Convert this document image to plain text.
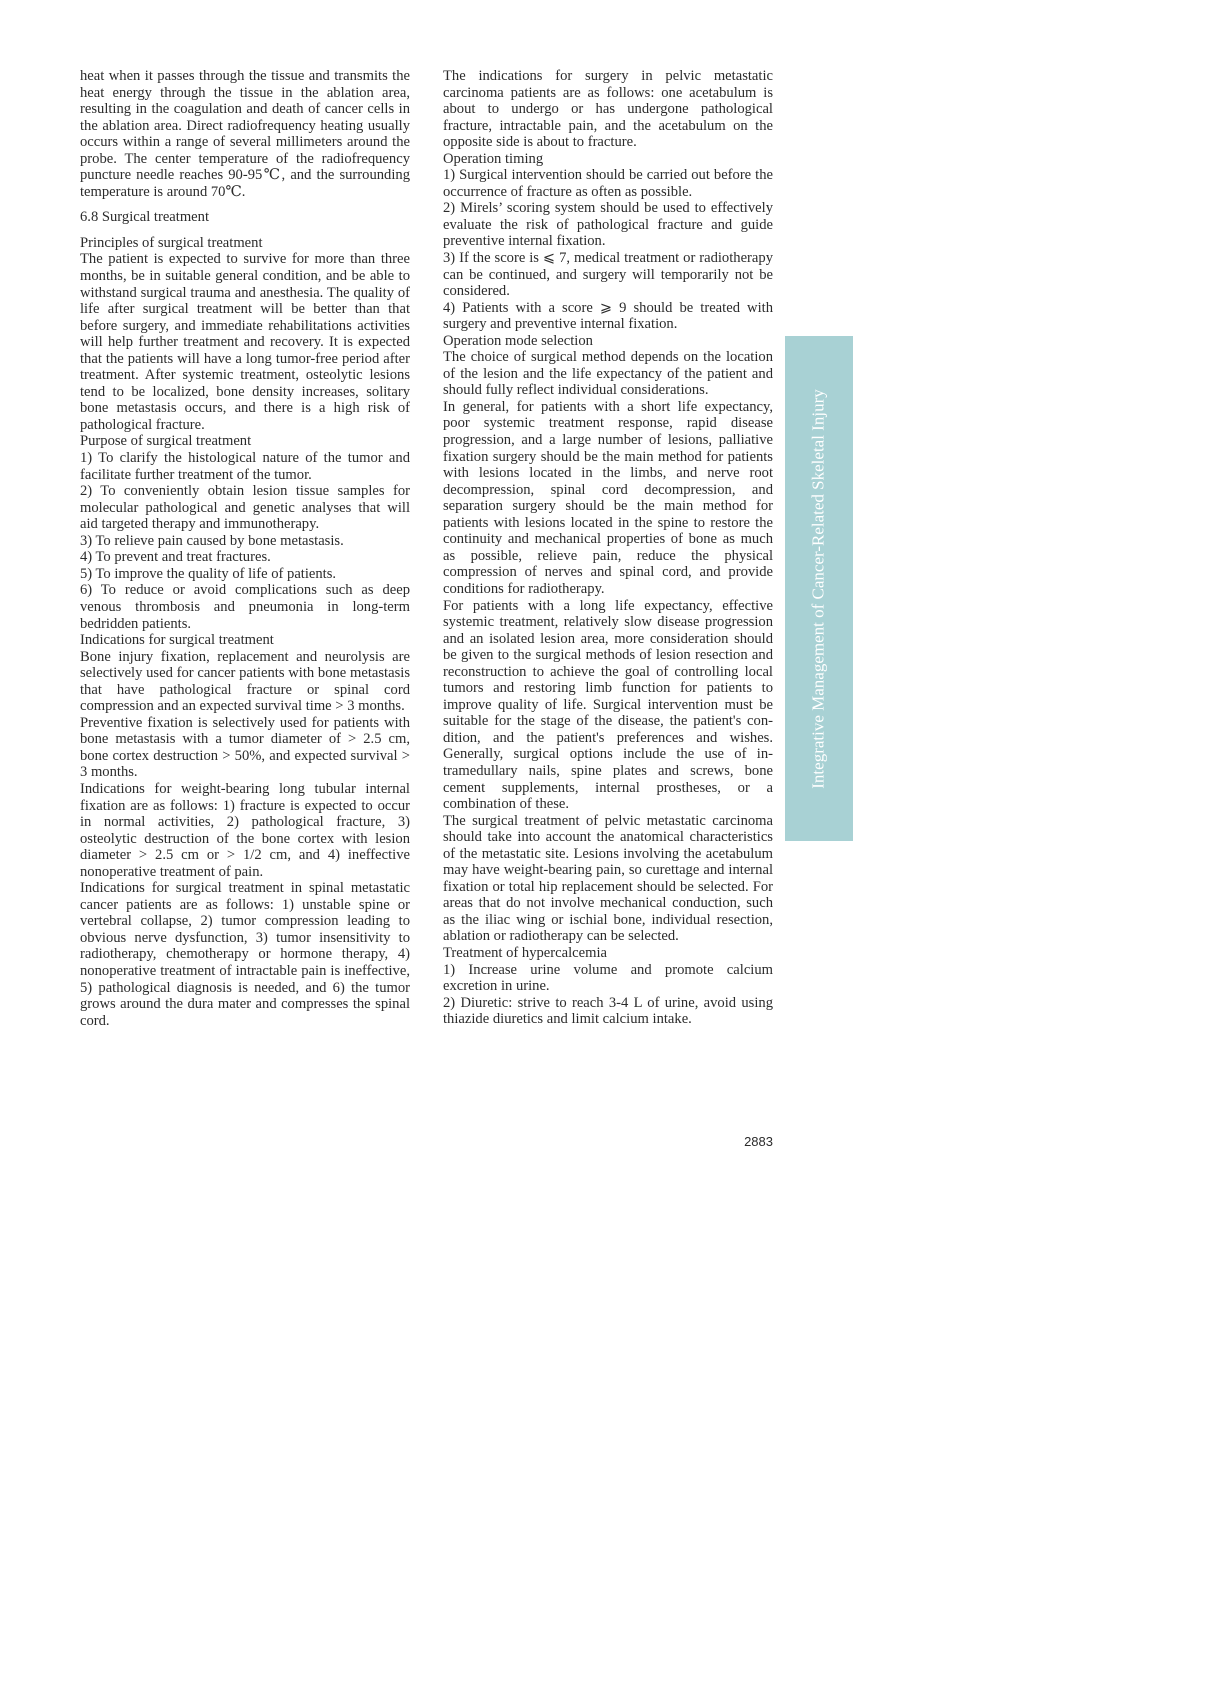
heat when it passes through the tissue and transmits the heat energy through the tissue in the ablation area, resulting in the coagulation and death of cancer cells in the ablation area. Direct radiofrequency heating usually occurs within a range of several millimeters around the probe. The center temperature of the radiofrequency puncture needle reaches 90-95℃, and the surrounding temperature is around 70℃.

6.8 Surgical treatment

Principles of surgical treatment

The patient is expected to survive for more than three months, be in suitable general condition, and be able to withstand surgical trauma and anesthesia. The quality of life after surgical treatment will be better than that before surgery, and immediate rehabilitations activities will help further treatment and recovery. It is expected that the patients will have a long tumor-free period after treatment. After systemic treatment, osteolytic lesions tend to be localized, bone density increases, solitary bone metastasis occurs, and there is a high risk of pathological fracture.

Purpose of surgical treatment

1) To clarify the histological nature of the tumor and facilitate further treatment of the tumor.

2) To conveniently obtain lesion tissue samples for molecular pathological and genetic analyses that will aid targeted therapy and immunotherapy.

3) To relieve pain caused by bone metastasis.

4) To prevent and treat fractures.

5) To improve the quality of life of patients.

6) To reduce or avoid complications such as deep venous thrombosis and pneumonia in long-term bedridden patients.

Indications for surgical treatment

Bone injury fixation, replacement and neurolysis are selectively used for cancer patients with bone metastasis that have pathological fracture or spinal cord compression and an expected survival time > 3 months.

Preventive fixation is selectively used for patients with bone metastasis with a tumor diameter of > 2.5 cm, bone cortex destruction > 50%, and expected survival > 3 months.

Indications for weight-bearing long tubular internal fixation are as follows: 1) fracture is expected to occur in normal activities, 2) pathological fracture, 3) osteolytic destruction of the bone cortex with lesion diameter > 2.5 cm or > 1/2 cm, and 4) ineffective nonoperative treatment of pain.

Indications for surgical treatment in spinal metastatic cancer patients are as follows: 1) unstable spine or vertebral collapse, 2) tumor compression leading to obvious nerve dysfunction, 3) tumor insensitivity to radiotherapy, chemotherapy or hormone therapy, 4) nonoperative treatment of intractable pain is ineffective, 5) pathological diagnosis is needed, and 6) the tumor grows around the dura mater and compresses the spinal cord.

The indications for surgery in pelvic metastatic carcinoma patients are as follows: one acetabulum is about to undergo or has undergone pathological fracture, intractable pain, and the acetabulum on the opposite side is about to fracture.

Operation timing

1) Surgical intervention should be carried out before the occurrence of fracture as often as possible.

2) Mirels’ scoring system should be used to effectively evaluate the risk of pathological fracture and guide preventive internal fixation.

3) If the score is ⩽ 7, medical treatment or radiotherapy can be continued, and surgery will temporarily not be considered.

4) Patients with a score ⩾ 9 should be treated with surgery and preventive internal fixation.

Operation mode selection

The choice of surgical method depends on the location of the lesion and the life expectancy of the patient and should fully reflect individual considerations.

In general, for patients with a short life expectancy, poor systemic treatment response, rapid disease progression, and a large number of lesions, palliative fixation surgery should be the main method for patients with lesions located in the limbs, and nerve root decompression, spinal cord decompression, and separation surgery should be the main method for patients with lesions located in the spine to restore the continuity and mechanical properties of bone as much as possible, relieve pain, reduce the physical compression of nerves and spinal cord, and provide conditions for radiotherapy.

For patients with a long life expectancy, effective systemic treatment, relatively slow disease progression and an isolated lesion area, more consideration should be given to the surgical methods of lesion resection and reconstruction to achieve the goal of controlling local tumors and restoring limb function for patients to improve quality of life. Surgical intervention must be suitable for the stage of the disease, the patient's condition, and the patient's preferences and wishes. Generally, surgical options include the use of intramedullary nails, spine plates and screws, bone cement supplements, internal prostheses, or a combination of these.

The surgical treatment of pelvic metastatic carcinoma should take into account the anatomical characteristics of the metastatic site. Lesions involving the acetabulum may have weight-bearing pain, so curettage and internal fixation or total hip replacement should be selected. For areas that do not involve mechanical conduction, such as the iliac wing or ischial bone, individual resection, ablation or radiotherapy can be selected.

Treatment of hypercalcemia

1) Increase urine volume and promote calcium excretion in urine.

2) Diuretic: strive to reach 3-4 L of urine, avoid using thiazide diuretics and limit calcium intake.

Integrative Management of Cancer-Related Skeletal Injury
2883
